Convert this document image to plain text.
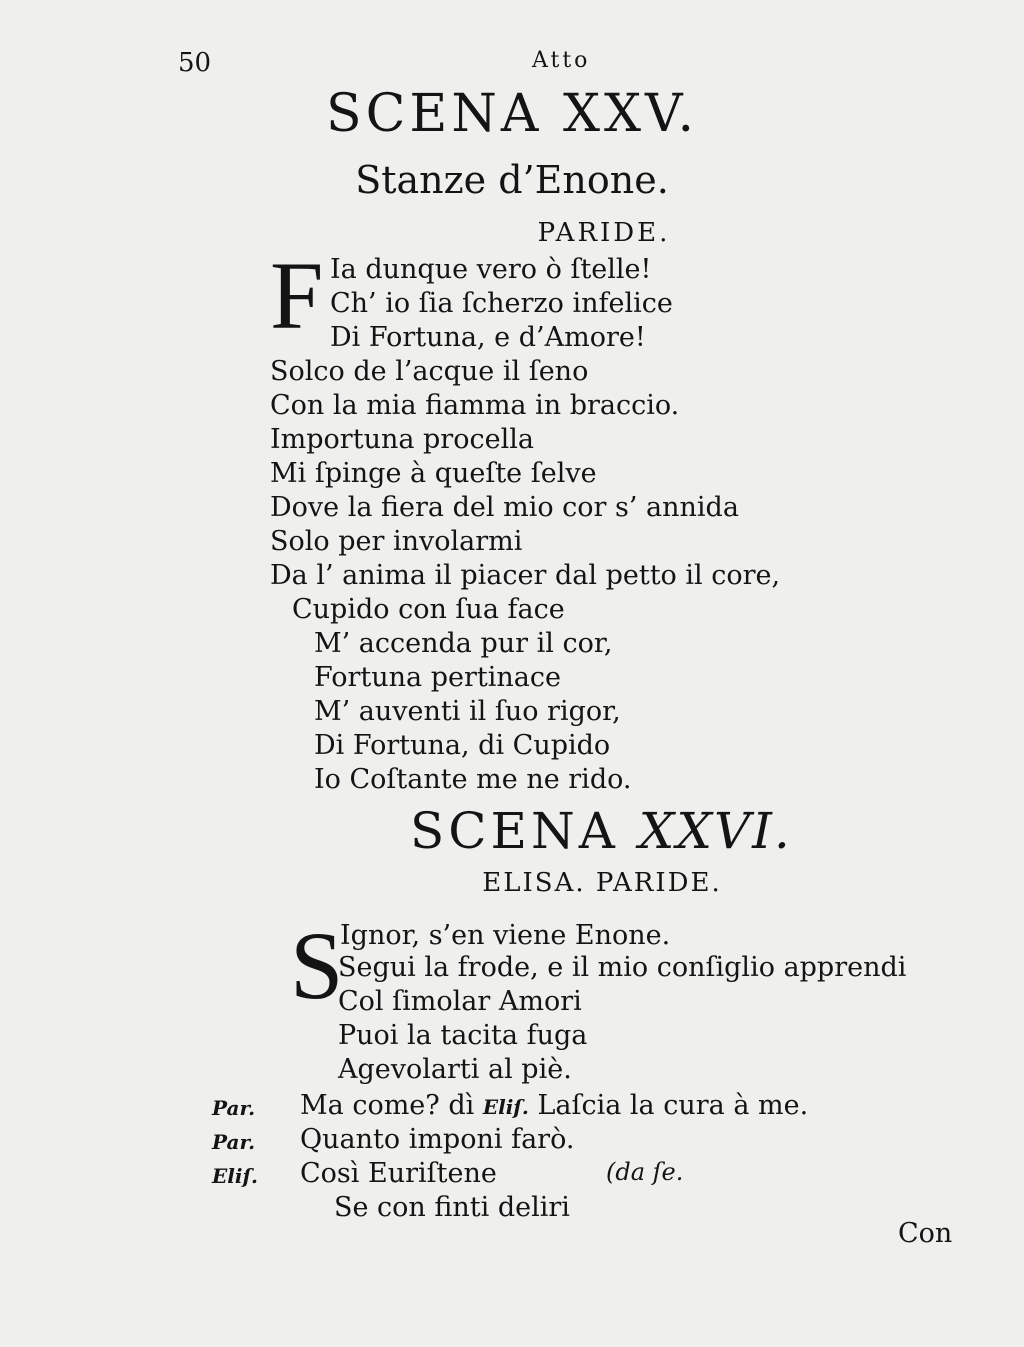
50	Atto
SCENA XXV.
Stanze d’Enone.
PARIDE.
F Ia dunque vero ò ſtelle!
Ch’ io ſia ſcherzo infelice
Di Fortuna, e d’Amore!
Solco de l’acque il ſeno
Con la mia fiamma in braccio.
Importuna procella
Mi ſpinge à queſte ſelve
Dove la fiera del mio cor s’ annida
Solo per involarmi
Da l’ anima il piacer dal petto il core,
Cupido con ſua face
M’ accenda pur il cor,
Fortuna pertinace
M’ auventi il ſuo rigor,
Di Fortuna, di Cupido
Io Coſtante me ne rido.
SCENA XXVI.
ELISA. PARIDE.
S
Ignor, s’en viene Enone.
Segui la frode, e il mio conſiglio apprendi
Col ſimolar Amori
Puoi la tacita fuga
Agevolarti al piè.
Par. Ma come? dì Eliſ. Laſcia la cura à me.
Par. Quanto imponi farò.
Eliſ. Così Euriſtene	(da ſe.
Se con finti deliri
Con
